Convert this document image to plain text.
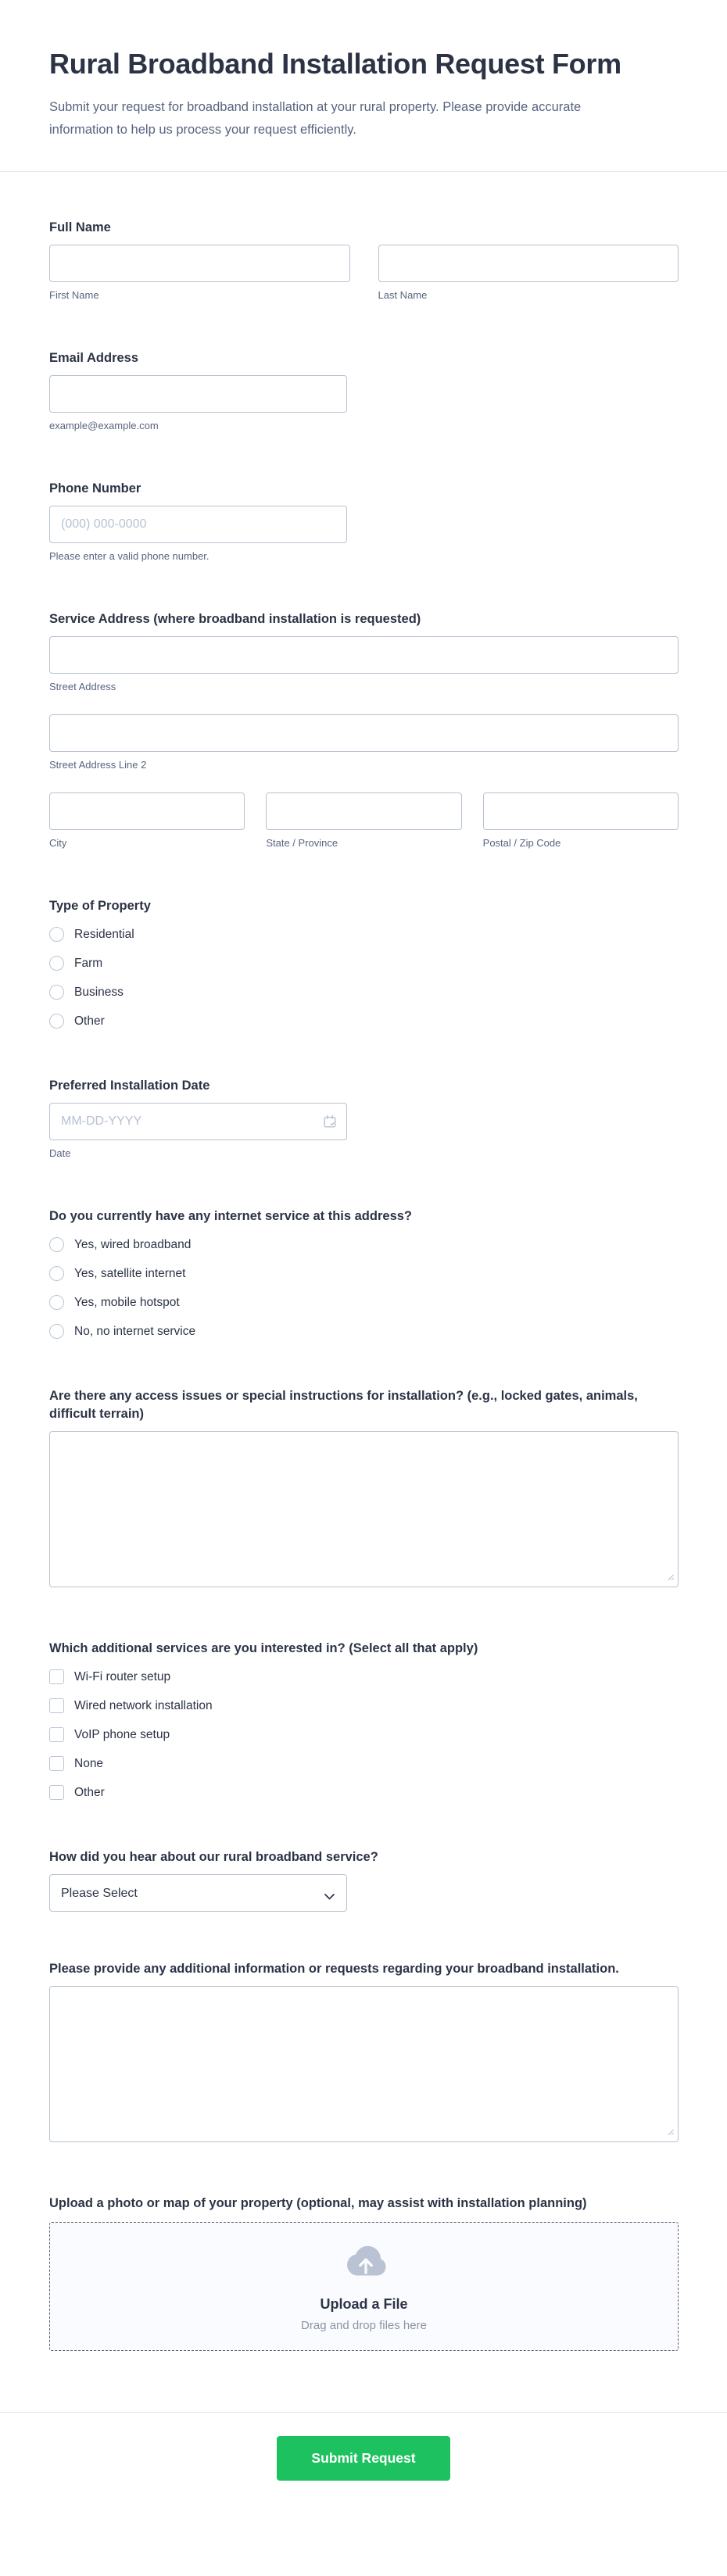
Rural Broadband Installation Request Form
Submit your request for broadband installation at your rural property. Please provide accurate information to help us process your request efficiently.
Full Name
First Name	Last Name
Email Address
example@example.com
Phone Number
(000) 000-0000
Please enter a valid phone number.
Service Address (where broadband installation is requested)
Street Address
Street Address Line 2
City	State / Province	Postal / Zip Code
Type of Property
Residential
Farm
Business
Other
Preferred Installation Date
MM-DD-YYYY
Date
Do you currently have any internet service at this address?
Yes, wired broadband
Yes, satellite internet
Yes, mobile hotspot
No, no internet service
Are there any access issues or special instructions for installation? (e.g., locked gates, animals, difficult terrain)
Which additional services are you interested in? (Select all that apply)
Wi-Fi router setup
Wired network installation
VoIP phone setup
None
Other
How did you hear about our rural broadband service?
Please Select
Please provide any additional information or requests regarding your broadband installation.
Upload a photo or map of your property (optional, may assist with installation planning)
Upload a File
Drag and drop files here
Submit Request
